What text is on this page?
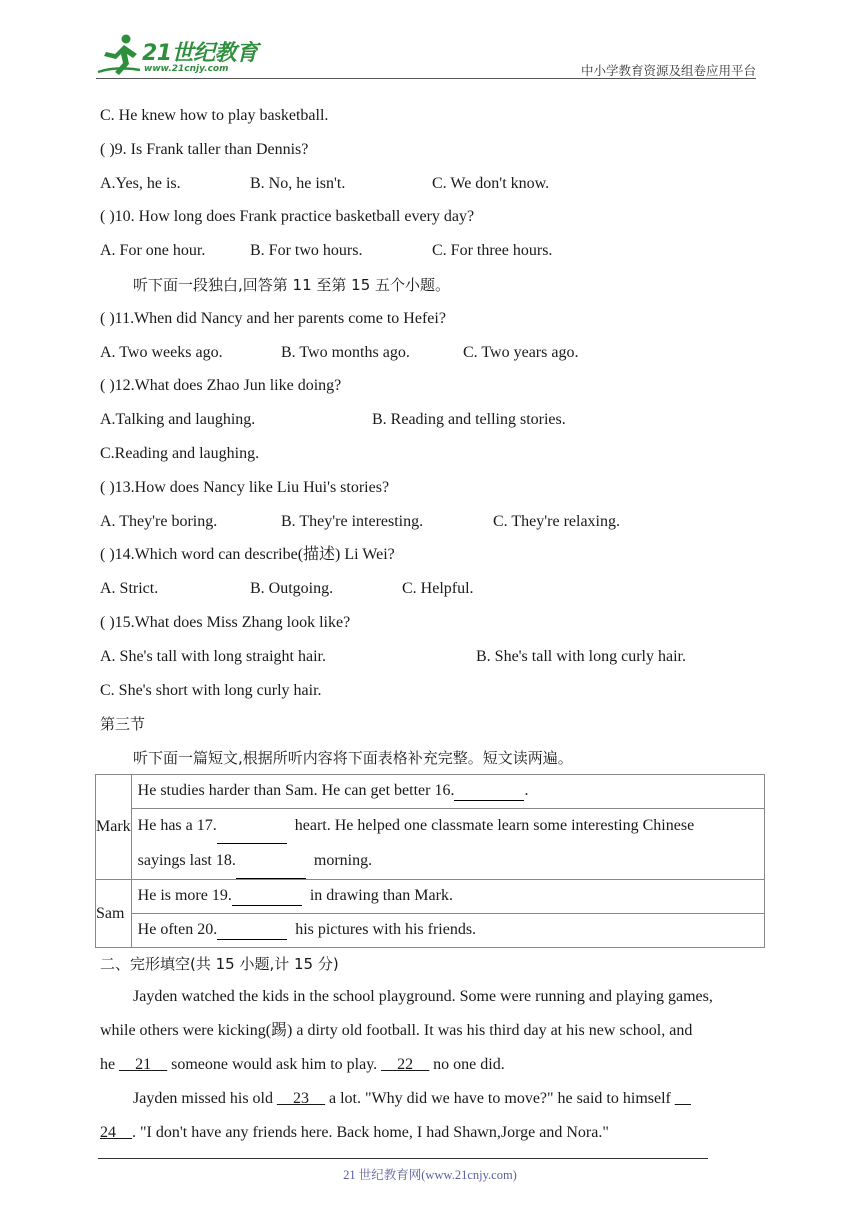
21世纪教育
www.21cnjy.com	中小学教育资源及组卷应用平台
C. He knew how to play basketball.
( )9. Is Frank taller than Dennis?
A.Yes, he is.	B. No, he isn't.	C. We don't know.
( )10. How long does Frank practice basketball every day?
A. For one hour.	B. For two hours.	C. For three hours.
听下面一段独白,回答第 11 至第 15 五个小题。
( )11.When did Nancy and her parents come to Hefei?
A. Two weeks ago.	B. Two months ago.	C. Two years ago.
( )12.What does Zhao Jun like doing?
A.Talking and laughing.	B. Reading and telling stories.
C.Reading and laughing.
( )13.How does Nancy like Liu Hui's stories?
A. They're boring.	B. They're interesting.	C. They're relaxing.
( )14.Which word can describe(描述) Li Wei?
A. Strict.	B. Outgoing.	C. Helpful.
( )15.What does Miss Zhang look like?
A. She's tall with long straight hair.	B. She's tall with long curly hair.
C. She's short with long curly hair.
第三节
听下面一篇短文,根据所听内容将下面表格补充完整。短文读两遍。
Mark	He studies harder than Sam. He can get better 16. .
	He has a 17. heart. He helped one classmate learn some interesting Chinese
sayings last 18. morning.
Sam	He is more 19. in drawing than Mark.
	He often 20. his pictures with his friends.
二、完形填空(共 15 小题,计 15 分)
Jayden watched the kids in the school playground. Some were running and playing games,
while others were kicking(踢) a dirty old football. It was his third day at his new school, and
he __21__ someone would ask him to play. __22__ no one did.
Jayden missed his old __23__ a lot. "Why did we have to move?" he said to himself __
24__. "I don't have any friends here. Back home, I had Shawn,Jorge and Nora."
21 世纪教育网(www.21cnjy.com)
